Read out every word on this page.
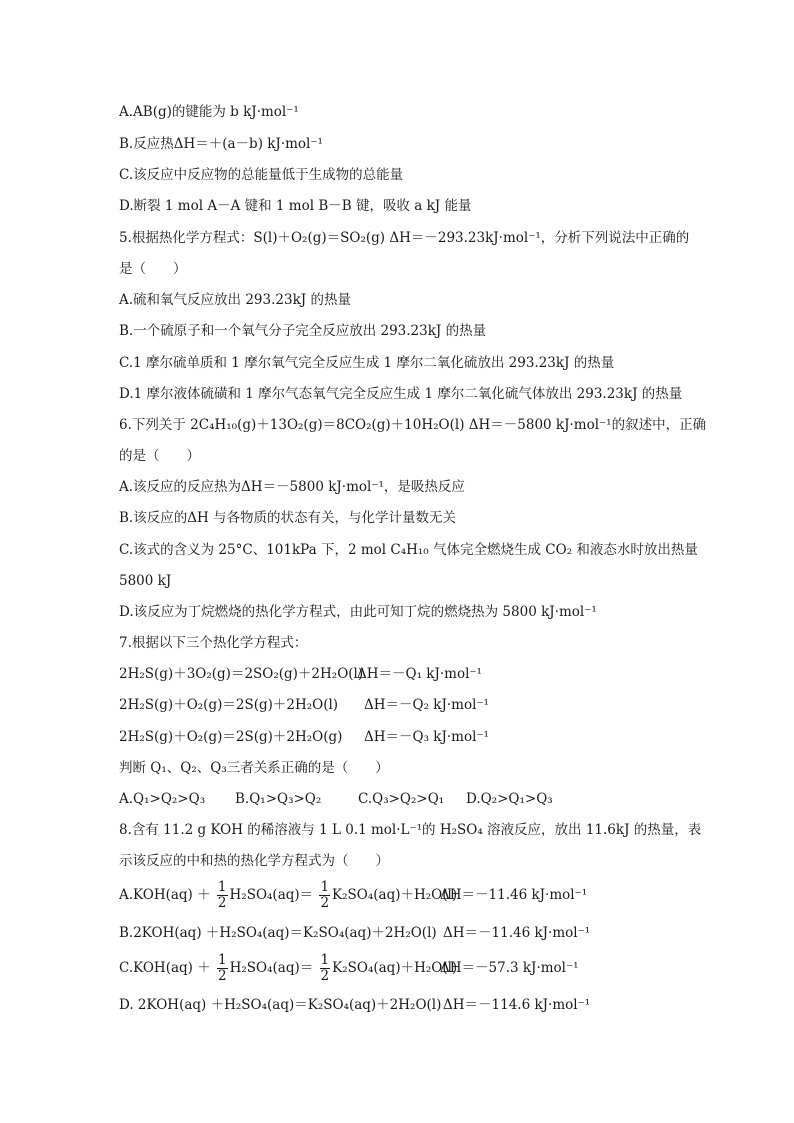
A.AB(g)的键能为 b kJ·mol⁻¹
B.反应热ΔH＝＋(a－b) kJ·mol⁻¹
C.该反应中反应物的总能量低于生成物的总能量
D.断裂 1 mol A－A 键和 1 mol B－B 键，吸收 a kJ 能量
5.根据热化学方程式：S(l)＋O₂(g)＝SO₂(g) ΔH＝－293.23kJ·mol⁻¹，分析下列说法中正确的
是（　　）
A.硫和氧气反应放出 293.23kJ 的热量
B.一个硫原子和一个氧气分子完全反应放出 293.23kJ 的热量
C.1 摩尔硫单质和 1 摩尔氧气完全反应生成 1 摩尔二氧化硫放出 293.23kJ 的热量
D.1 摩尔液体硫磺和 1 摩尔气态氧气完全反应生成 1 摩尔二氧化硫气体放出 293.23kJ 的热量
6.下列关于 2C₄H₁₀(g)＋13O₂(g)＝8CO₂(g)＋10H₂O(l) ΔH＝－5800 kJ·mol⁻¹的叙述中，正确
的是（　　）
A.该反应的反应热为ΔH＝－5800 kJ·mol⁻¹，是吸热反应
B.该反应的ΔH 与各物质的状态有关，与化学计量数无关
C.该式的含义为 25°C、101kPa 下，2 mol C₄H₁₀ 气体完全燃烧生成 CO₂ 和液态水时放出热量
5800 kJ
D.该反应为丁烷燃烧的热化学方程式，由此可知丁烷的燃烧热为 5800 kJ·mol⁻¹
7.根据以下三个热化学方程式：
2H₂S(g)＋3O₂(g)＝2SO₂(g)＋2H₂O(l)
ΔH＝－Q₁ kJ·mol⁻¹
2H₂S(g)＋O₂(g)＝2S(g)＋2H₂O(l) ΔH＝－Q₂ kJ·mol⁻¹
2H₂S(g)＋O₂(g)＝2S(g)＋2H₂O(g) ΔH＝－Q₃ kJ·mol⁻¹
判断 Q₁、Q₂、Q₃三者关系正确的是（　　）
A.Q₁>Q₂>Q₃ B.Q₁>Q₃>Q₂	C.Q₃>Q₂>Q₁ D.Q₂>Q₁>Q₃
8.含有 11.2 g KOH 的稀溶液与 1 L 0.1 mol·L⁻¹的 H₂SO₄ 溶液反应，放出 11.6kJ 的热量，表
示该反应的中和热的热化学方程式为（　　）
$A.KOH(aq) + \frac{1}{2} H_2SO_4(aq)= \frac{1}{2} K_2SO_4(aq)+H_2O(l)$
ΔH＝－11.46 kJ·mol⁻¹
B.2KOH(aq) ＋H₂SO₄(aq)＝K₂SO₄(aq)＋2H₂O(l) ΔH＝－11.46 kJ·mol⁻¹
$C.KOH(aq) + \frac{1}{2} H_2SO_4(aq)= \frac{1}{2} K_2SO_4(aq)+H_2O(l)$
ΔH＝－57.3 kJ·mol⁻¹
D. 2KOH(aq) ＋H₂SO₄(aq)＝K₂SO₄(aq)＋2H₂O(l) ΔH＝－114.6 kJ·mol⁻¹
